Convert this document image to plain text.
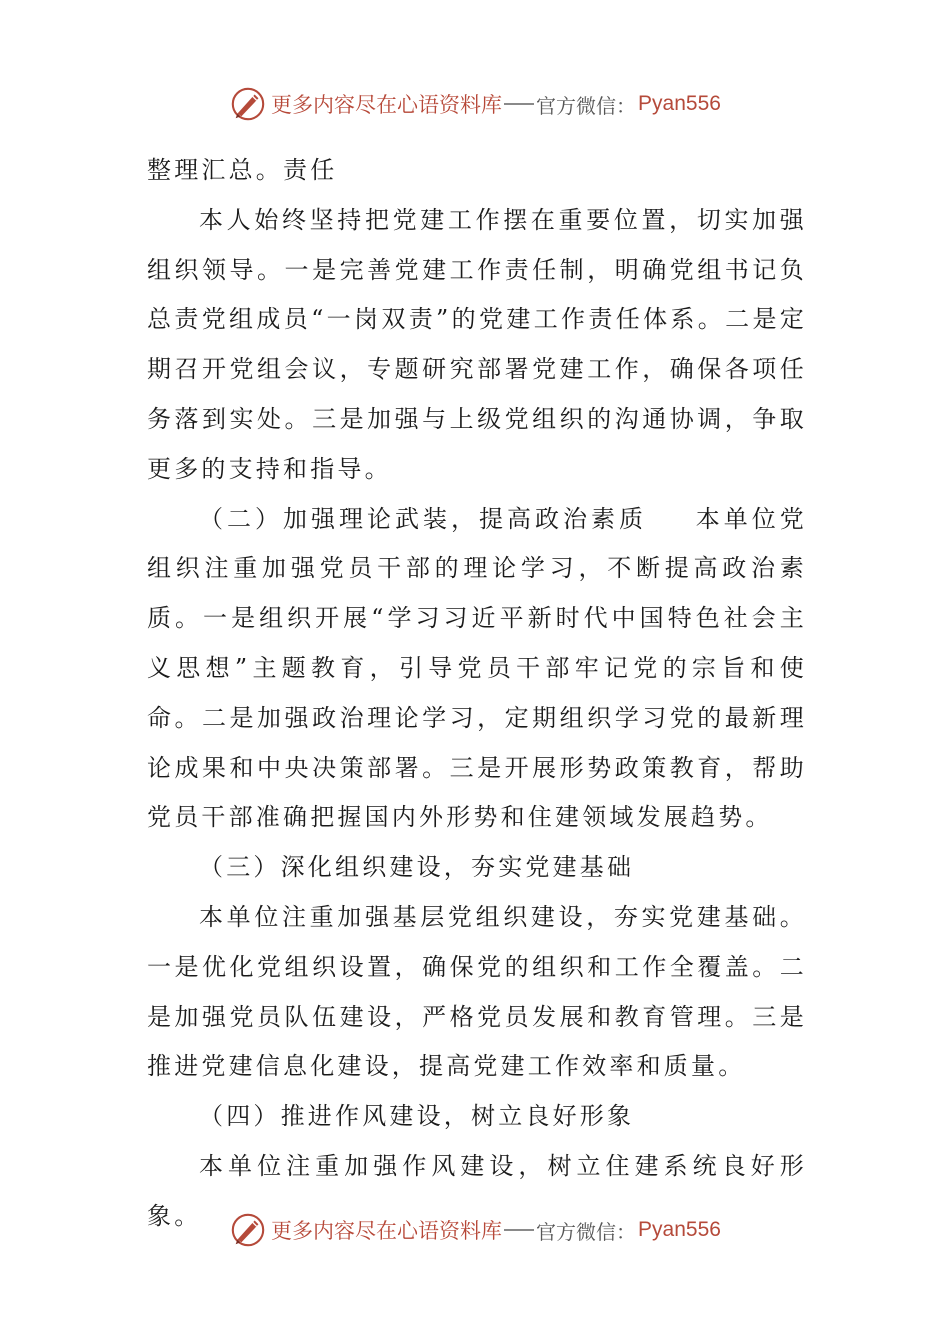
更多内容尽在心语资料库 官方微信： Pyan556

整理汇总。责任

本人始终坚持把党建工作摆在重要位置，切实加强组织领导。一是完善党建工作责任制，明确党组书记负总责党组成员“一岗双责”的党建工作责任体系。二是定期召开党组会议，专题研究部署党建工作，确保各项任务落到实处。三是加强与上级党组织的沟通协调，争取更多的支持和指导。

（二）加强理论武装，提高政治素质 本单位党组织注重加强党员干部的理论学习，不断提高政治素质。一是组织开展“学习习近平新时代中国特色社会主义思想”主题教育，引导党员干部牢记党的宗旨和使命。二是加强政治理论学习，定期组织学习党的最新理论成果和中央决策部署。三是开展形势政策教育，帮助党员干部准确把握国内外形势和住建领域发展趋势。

（三）深化组织建设，夯实党建基础

本单位注重加强基层党组织建设，夯实党建基础。一是优化党组织设置，确保党的组织和工作全覆盖。二是加强党员队伍建设，严格党员发展和教育管理。三是推进党建信息化建设，提高党建工作效率和质量。

（四）推进作风建设，树立良好形象

本单位注重加强作风建设，树立住建系统良好形象。

更多内容尽在心语资料库 官方微信： Pyan556
